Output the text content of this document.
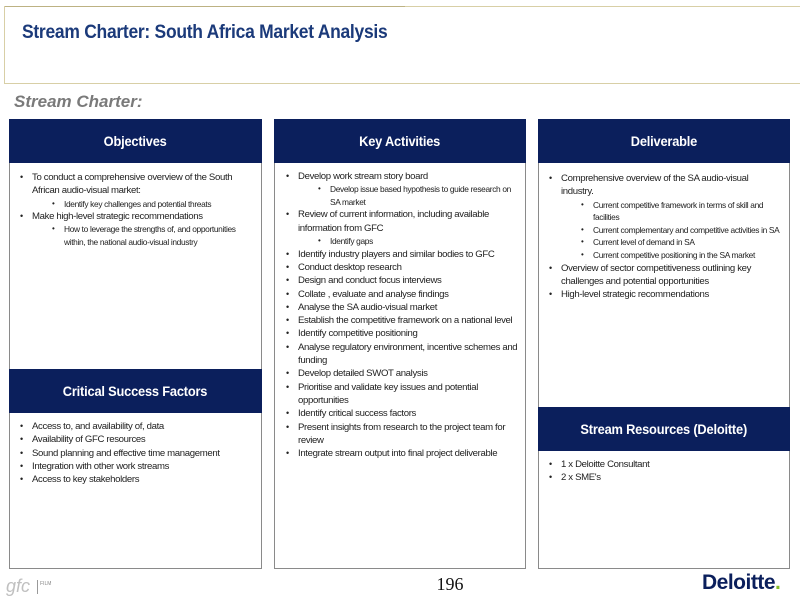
Stream Charter: South Africa Market Analysis
Stream Charter:
Objectives
• To conduct a comprehensive overview of the South African audio-visual market:
• Identify key challenges and potential threats
• Make high-level strategic recommendations
• How to leverage the strengths of, and opportunities within, the national audio-visual industry
Critical Success Factors
• Access to, and availability of, data
• Availability of GFC resources
• Sound planning and effective time management
• Integration with other work streams
• Access to key stakeholders
Key Activities
• Develop work stream story board
• Develop issue based hypothesis to guide research on SA market
• Review of current information, including available information from GFC
• Identify gaps
• Identify industry players and similar bodies to GFC
• Conduct desktop research
• Design and conduct focus interviews
• Collate , evaluate and analyse findings
• Analyse the SA audio-visual market
• Establish the competitive framework on a national level
• Identify competitive positioning
• Analyse regulatory environment, incentive schemes and funding
• Develop detailed SWOT analysis
• Prioritise and validate key issues and potential opportunities
• Identify critical success factors
• Present insights from research to the project team for review
• Integrate stream output into final project deliverable
Deliverable
• Comprehensive overview of the SA audio-visual industry.
• Current competitive framework in terms of skill and facilities
• Current complementary and competitive activities in SA
• Current level of demand in SA
• Current competitive positioning in the SA market
• Overview of sector competitiveness outlining key challenges and potential opportunities
• High-level strategic recommendations
Stream Resources (Deloitte)
• 1 x Deloitte Consultant
• 2 x SME's
196
gfc FILM	Deloitte.
